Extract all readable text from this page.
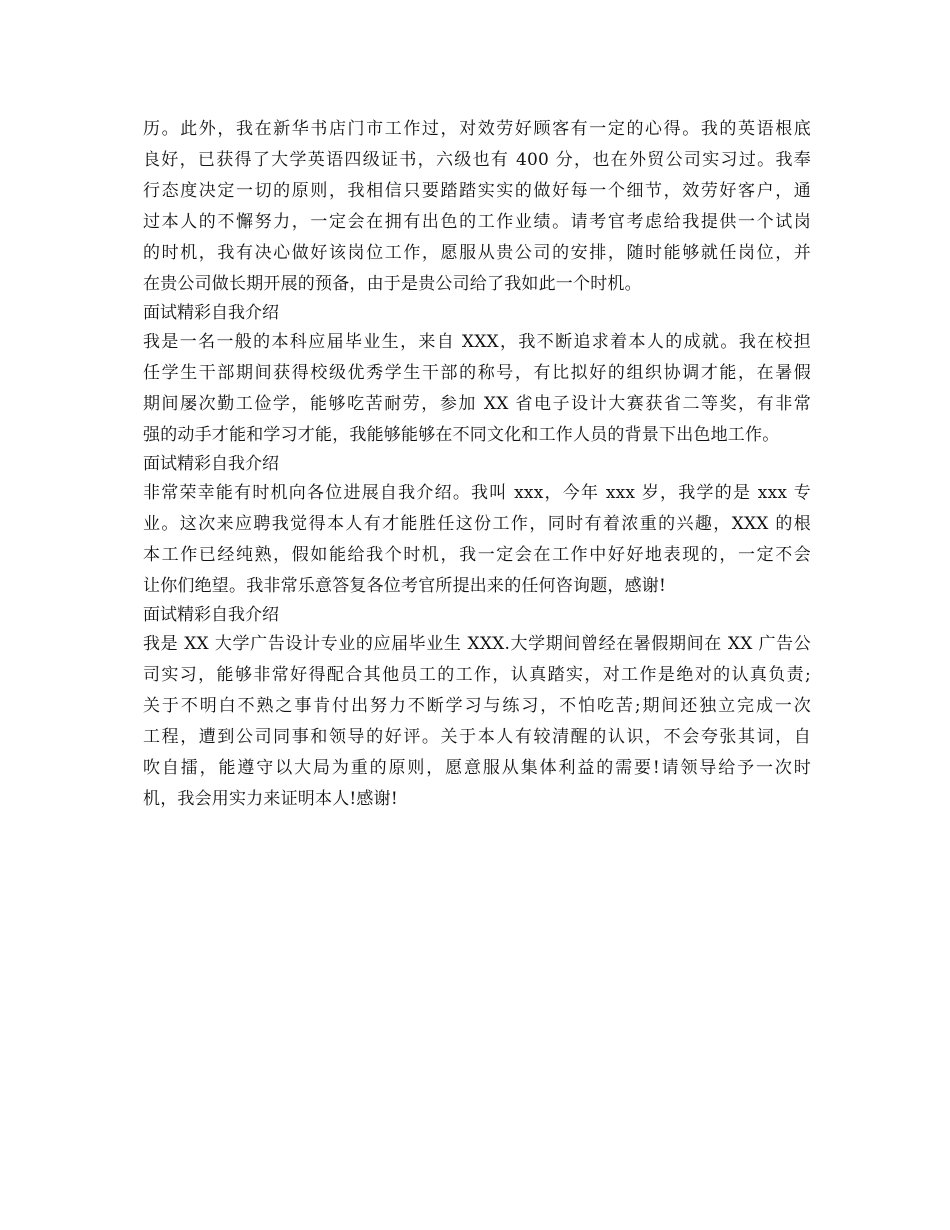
历。此外，我在新华书店门市工作过，对效劳好顾客有一定的心得。我的英语根底
良好，已获得了大学英语四级证书，六级也有 400 分，也在外贸公司实习过。我奉
行态度决定一切的原则，我相信只要踏踏实实的做好每一个细节，效劳好客户，通
过本人的不懈努力，一定会在拥有出色的工作业绩。请考官考虑给我提供一个试岗
的时机，我有决心做好该岗位工作，愿服从贵公司的安排，随时能够就任岗位，并
在贵公司做长期开展的预备，由于是贵公司给了我如此一个时机。
面试精彩自我介绍
我是一名一般的本科应届毕业生，来自 XXX，我不断追求着本人的成就。我在校担
任学生干部期间获得校级优秀学生干部的称号，有比拟好的组织协调才能，在暑假
期间屡次勤工俭学，能够吃苦耐劳，参加 XX 省电子设计大赛获省二等奖，有非常
强的动手才能和学习才能，我能够能够在不同文化和工作人员的背景下出色地工作。
面试精彩自我介绍
非常荣幸能有时机向各位进展自我介绍。我叫 xxx，今年 xxx 岁，我学的是 xxx 专
业。这次来应聘我觉得本人有才能胜任这份工作，同时有着浓重的兴趣，XXX 的根
本工作已经纯熟，假如能给我个时机，我一定会在工作中好好地表现的，一定不会
让你们绝望。我非常乐意答复各位考官所提出来的任何咨询题，感谢!
面试精彩自我介绍
我是 XX 大学广告设计专业的应届毕业生 XXX.大学期间曾经在暑假期间在 XX 广告公
司实习，能够非常好得配合其他员工的工作，认真踏实，对工作是绝对的认真负责;
关于不明白不熟之事肯付出努力不断学习与练习，不怕吃苦;期间还独立完成一次
工程，遭到公司同事和领导的好评。关于本人有较清醒的认识，不会夸张其词，自
吹自擂，能遵守以大局为重的原则，愿意服从集体利益的需要!请领导给予一次时
机，我会用实力来证明本人!感谢!
